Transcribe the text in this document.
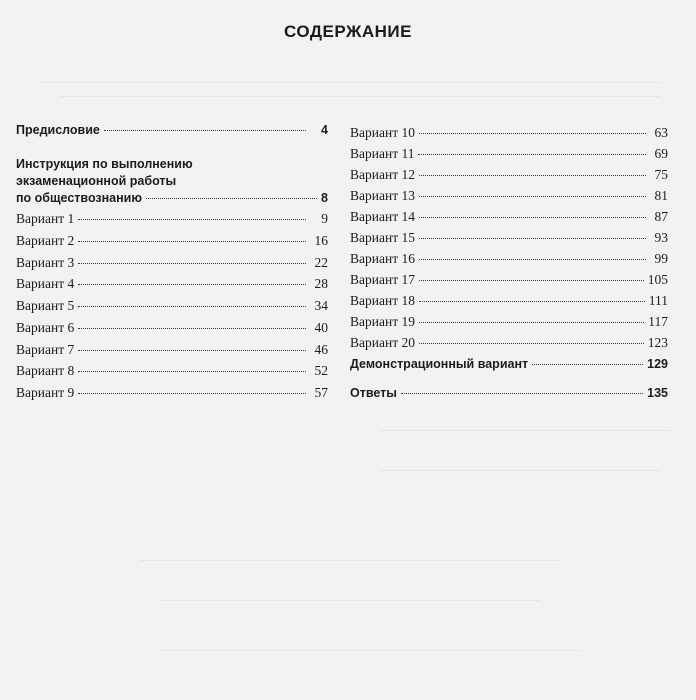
СОДЕРЖАНИЕ
Предисловие	4
Инструкция по выполнению
экзаменационной работы
по обществознанию	8
Вариант 1	9
Вариант 2	16
Вариант 3	22
Вариант 4	28
Вариант 5	34
Вариант 6	40
Вариант 7	46
Вариант 8	52
Вариант 9	57
Вариант 10	63
Вариант 11	69
Вариант 12	75
Вариант 13	81
Вариант 14	87
Вариант 15	93
Вариант 16	99
Вариант 17	105
Вариант 18	111
Вариант 19	117
Вариант 20	123
Демонстрационный вариант	129
Ответы	135
